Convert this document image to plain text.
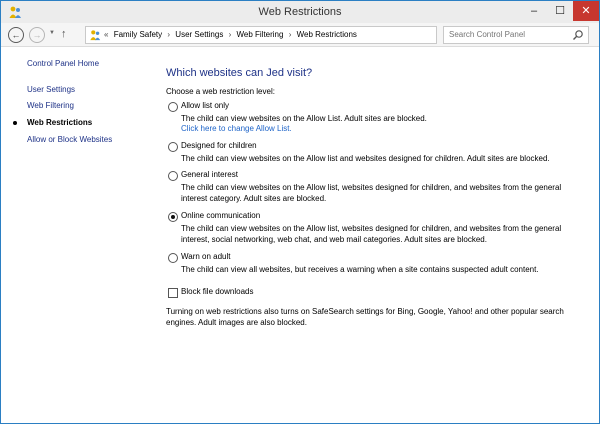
Web Restrictions	–	☐	✕
←	→	▼ ↑	« Family Safety › User Settings › Web Filtering › Web Restrictions
Search Control Panel
Control Panel Home
User Settings
Web Filtering
Web Restrictions
Allow or Block Websites
Which websites can Jed visit?
Choose a web restriction level:
Allow list only
The child can view websites on the Allow List. Adult sites are blocked.
Click here to change Allow List.
Designed for children
The child can view websites on the Allow list and websites designed for children. Adult sites are blocked.
General interest
The child can view websites on the Allow list, websites designed for children, and websites from the general interest category. Adult sites are blocked.
Online communication
The child can view websites on the Allow list, websites designed for children, and websites from the general interest, social networking, web chat, and web mail categories. Adult sites are blocked.
Warn on adult
The child can view all websites, but receives a warning when a site contains suspected adult content.
Block file downloads
Turning on web restrictions also turns on SafeSearch settings for Bing, Google, Yahoo! and other popular search engines. Adult images are also blocked.
